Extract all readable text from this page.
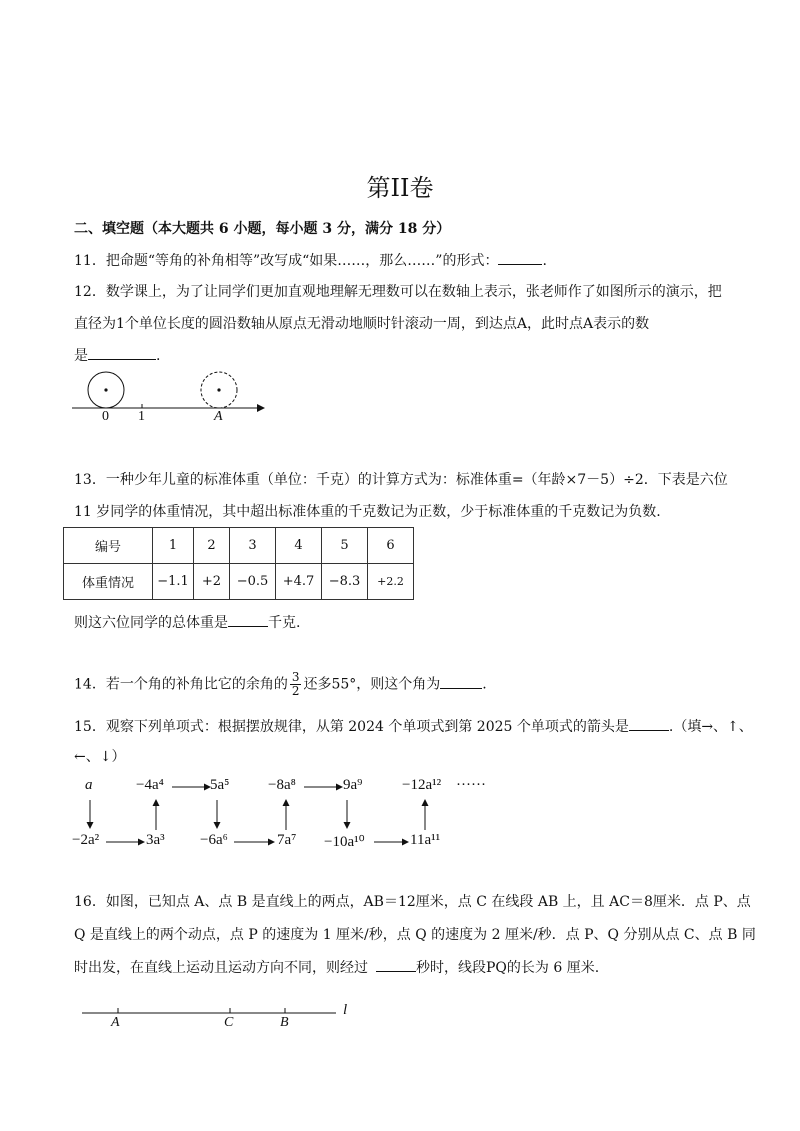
第II卷
二、填空题（本大题共 6 小题，每小题 3 分，满分 18 分）
11．把命题“等角的补角相等”改写成“如果……，那么……”的形式：	.
12．数学课上，为了让同学们更加直观地理解无理数可以在数轴上表示，张老师作了如图所示的演示，把
直径为1个单位长度的圆沿数轴从原点无滑动地顺时针滚动一周，到达点A，此时点A表示的数
是	.
0 1	A
13．一种少年儿童的标准体重（单位：千克）的计算方式为：标准体重=（年龄×7－5）÷2．下表是六位
11 岁同学的体重情况，其中超出标准体重的千克数记为正数，少于标准体重的千克数记为负数.
编号	1	2	3	4	5	6
体重情况	−1.1	+2	−0.5	+4.7	−8.3	+2.2
则这六位同学的总体重是	千克.
14．若一个角的补角比它的余角的 $\frac{3}{2}$ 还多55°，则这个角为	.
15．观察下列单项式：根据摆放规律，从第 2024 个单项式到第 2025 个单项式的箭头是	.（填→、↑、
←、↓）
a	−4a⁴	5a⁵	−8a⁸	9a⁹	−12a¹² ······
−2a²	3a³ −6a⁶	7a⁷ −10a¹⁰	11a¹¹
16．如图，已知点 A、点 B 是直线上的两点，AB＝12厘米，点 C 在线段 AB 上，且 AC＝8厘米．点 P、点
Q 是直线上的两个动点，点 P 的速度为 1 厘米/秒，点 Q 的速度为 2 厘米/秒．点 P、Q 分别从点 C、点 B 同
时出发，在直线上运动且运动方向不同，则经过	秒时，线段PQ的长为 6 厘米.
A	C	B
l
